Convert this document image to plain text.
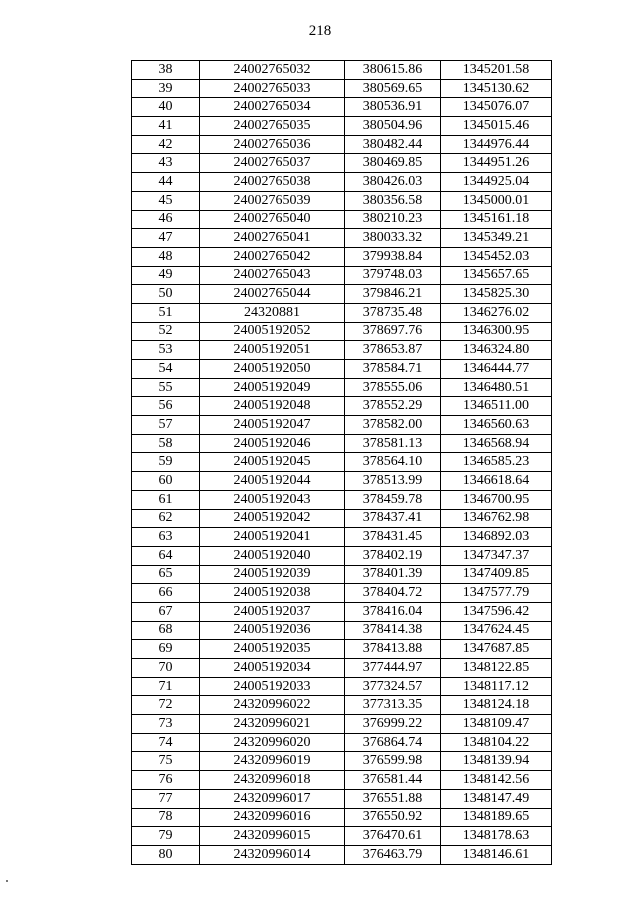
218
38	24002765032	380615.86	1345201.58
39	24002765033	380569.65	1345130.62
40	24002765034	380536.91	1345076.07
41	24002765035	380504.96	1345015.46
42	24002765036	380482.44	1344976.44
43	24002765037	380469.85	1344951.26
44	24002765038	380426.03	1344925.04
45	24002765039	380356.58	1345000.01
46	24002765040	380210.23	1345161.18
47	24002765041	380033.32	1345349.21
48	24002765042	379938.84	1345452.03
49	24002765043	379748.03	1345657.65
50	24002765044	379846.21	1345825.30
51	24320881	378735.48	1346276.02
52	24005192052	378697.76	1346300.95
53	24005192051	378653.87	1346324.80
54	24005192050	378584.71	1346444.77
55	24005192049	378555.06	1346480.51
56	24005192048	378552.29	1346511.00
57	24005192047	378582.00	1346560.63
58	24005192046	378581.13	1346568.94
59	24005192045	378564.10	1346585.23
60	24005192044	378513.99	1346618.64
61	24005192043	378459.78	1346700.95
62	24005192042	378437.41	1346762.98
63	24005192041	378431.45	1346892.03
64	24005192040	378402.19	1347347.37
65	24005192039	378401.39	1347409.85
66	24005192038	378404.72	1347577.79
67	24005192037	378416.04	1347596.42
68	24005192036	378414.38	1347624.45
69	24005192035	378413.88	1347687.85
70	24005192034	377444.97	1348122.85
71	24005192033	377324.57	1348117.12
72	24320996022	377313.35	1348124.18
73	24320996021	376999.22	1348109.47
74	24320996020	376864.74	1348104.22
75	24320996019	376599.98	1348139.94
76	24320996018	376581.44	1348142.56
77	24320996017	376551.88	1348147.49
78	24320996016	376550.92	1348189.65
79	24320996015	376470.61	1348178.63
80	24320996014	376463.79	1348146.61
